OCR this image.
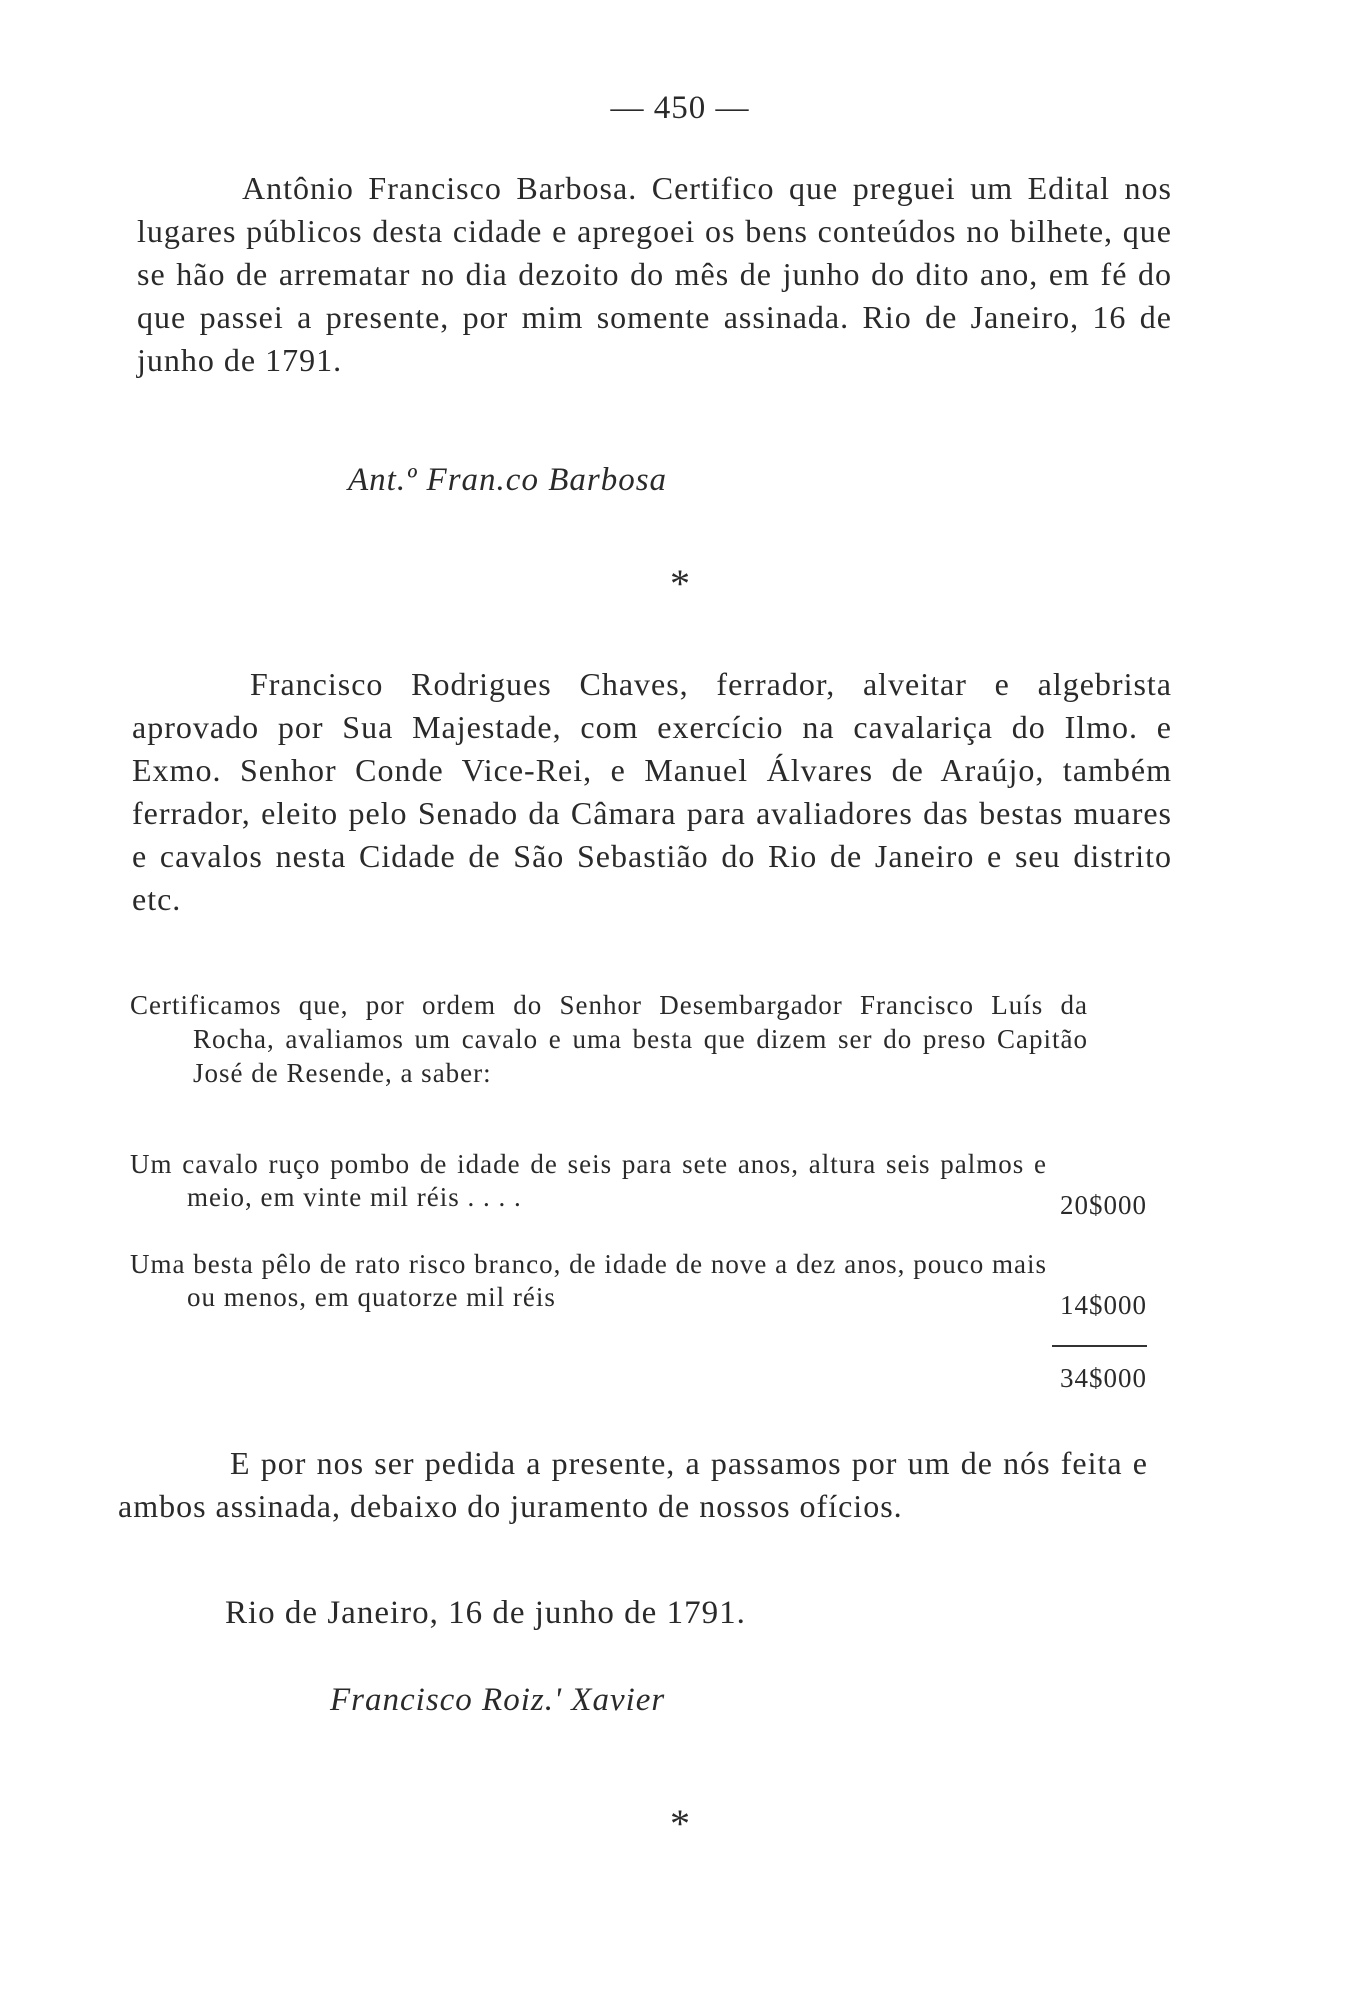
— 450 —

Antônio Francisco Barbosa. Certifico que preguei um Edital nos lugares públicos desta cidade e apregoei os bens conteúdos no bilhete, que se hão de arrematar no dia dezoito do mês de junho do dito ano, em fé do que passei a presente, por mim somente assinada. Rio de Janeiro, 16 de junho de 1791.

Ant.º Fran.co Barbosa
*

Francisco Rodrigues Chaves, ferrador, alveitar e algebrista aprovado por Sua Majestade, com exercício na cavalariça do Ilmo. e Exmo. Senhor Conde Vice-Rei, e Manuel Álvares de Araújo, também ferrador, eleito pelo Senado da Câmara para avaliadores das bestas muares e cavalos nesta Cidade de São Sebastião do Rio de Janeiro e seu distrito etc.

Certificamos que, por ordem do Senhor Desembargador Francisco Luís da Rocha, avaliamos um cavalo e uma besta que dizem ser do preso Capitão José de Resende, a saber:

Um cavalo ruço pombo de idade de seis para sete anos, altura seis palmos e meio, em vinte mil réis . . . .	20$000

Uma besta pêlo de rato risco branco, de idade de nove a dez anos, pouco mais ou menos, em quatorze mil réis	14$000
34$000

E por nos ser pedida a presente, a passamos por um de nós feita e ambos assinada, debaixo do juramento de nossos ofícios.

Rio de Janeiro, 16 de junho de 1791.
Francisco Roiz.' Xavier
*
